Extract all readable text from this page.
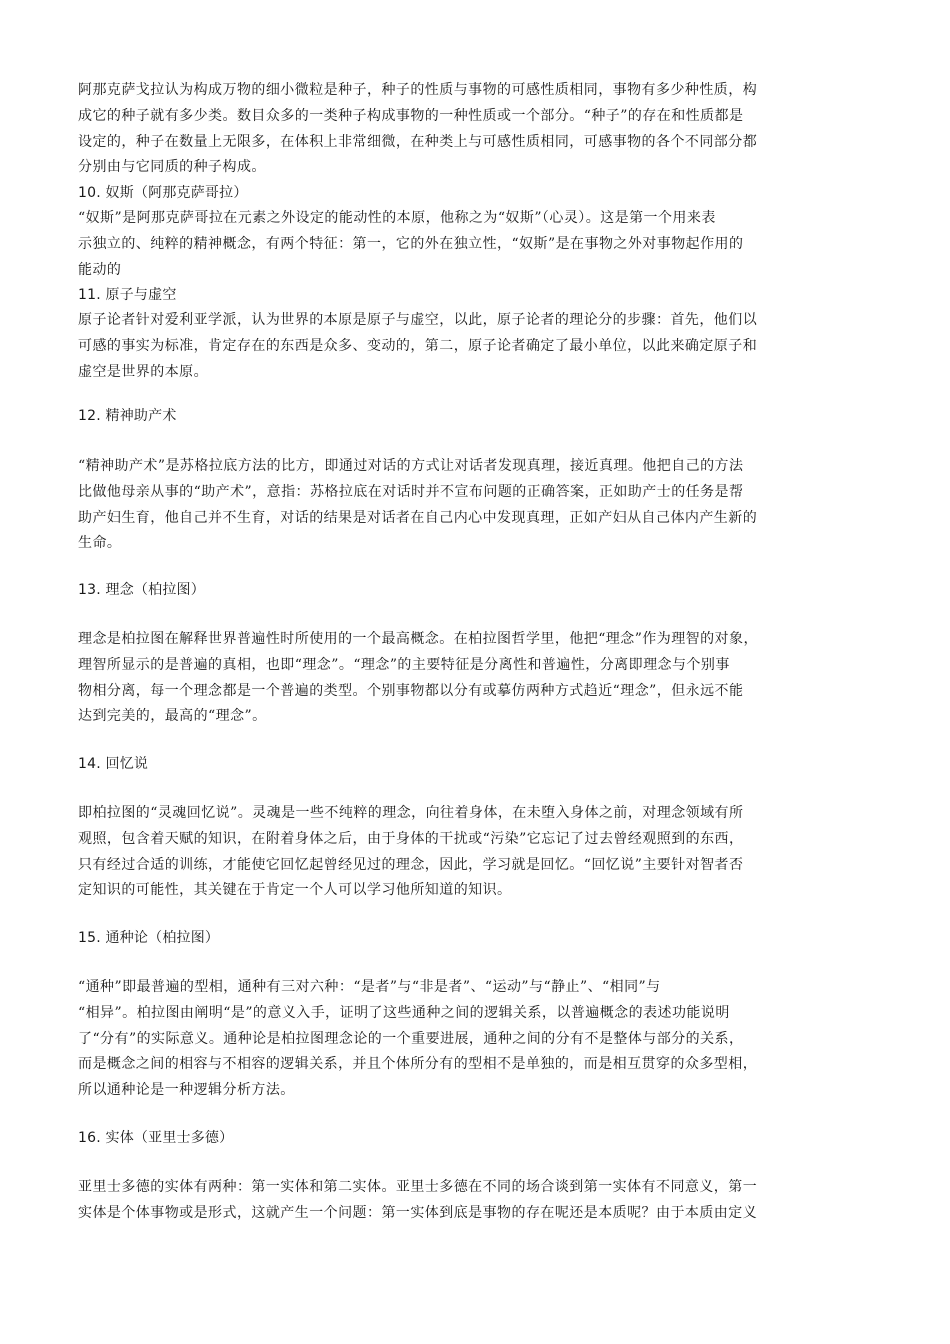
阿那克萨戈拉认为构成万物的细小微粒是种子，种子的性质与事物的可感性质相同，事物有多少种性质，构
成它的种子就有多少类。数目众多的一类种子构成事物的一种性质或一个部分。“种子”的存在和性质都是
设定的，种子在数量上无限多，在体积上非常细微，在种类上与可感性质相同，可感事物的各个不同部分都
分别由与它同质的种子构成。

10. 奴斯（阿那克萨哥拉）

“奴斯”是阿那克萨哥拉在元素之外设定的能动性的本原，他称之为“奴斯”（心灵）。这是第一个用来表
示独立的、纯粹的精神概念，有两个特征：第一，它的外在独立性，“奴斯”是在事物之外对事物起作用的
能动的

11. 原子与虚空

原子论者针对爱利亚学派，认为世界的本原是原子与虚空，以此，原子论者的理论分的步骤：首先，他们以
可感的事实为标准，肯定存在的东西是众多、变动的，第二，原子论者确定了最小单位，以此来确定原子和
虚空是世界的本原。

12. 精神助产术

“精神助产术”是苏格拉底方法的比方，即通过对话的方式让对话者发现真理，接近真理。他把自己的方法
比做他母亲从事的“助产术”，意指：苏格拉底在对话时并不宣布问题的正确答案，正如助产士的任务是帮
助产妇生育，他自己并不生育，对话的结果是对话者在自己内心中发现真理，正如产妇从自己体内产生新的
生命。

13. 理念（柏拉图）

理念是柏拉图在解释世界普遍性时所使用的一个最高概念。在柏拉图哲学里，他把“理念”作为理智的对象，
理智所显示的是普遍的真相，也即“理念”。“理念”的主要特征是分离性和普遍性，分离即理念与个别事
物相分离，每一个理念都是一个普遍的类型。个别事物都以分有或摹仿两种方式趋近“理念”，但永远不能
达到完美的，最高的“理念”。

14. 回忆说

即柏拉图的“灵魂回忆说”。灵魂是一些不纯粹的理念，向往着身体，在未堕入身体之前，对理念领域有所
观照，包含着天赋的知识，在附着身体之后，由于身体的干扰或“污染”它忘记了过去曾经观照到的东西，
只有经过合适的训练，才能使它回忆起曾经见过的理念，因此，学习就是回忆。“回忆说”主要针对智者否
定知识的可能性，其关键在于肯定一个人可以学习他所知道的知识。

15. 通种论（柏拉图）

“通种”即最普遍的型相，通种有三对六种：“是者”与“非是者”、“运动”与“静止”、“相同”与
“相异”。柏拉图由阐明“是”的意义入手，证明了这些通种之间的逻辑关系，以普遍概念的表述功能说明
了“分有”的实际意义。通种论是柏拉图理念论的一个重要进展，通种之间的分有不是整体与部分的关系，
而是概念之间的相容与不相容的逻辑关系，并且个体所分有的型相不是单独的，而是相互贯穿的众多型相，
所以通种论是一种逻辑分析方法。

16. 实体（亚里士多德）

亚里士多德的实体有两种：第一实体和第二实体。亚里士多德在不同的场合谈到第一实体有不同意义，第一
实体是个体事物或是形式，这就产生一个问题：第一实体到底是事物的存在呢还是本质呢？由于本质由定义
